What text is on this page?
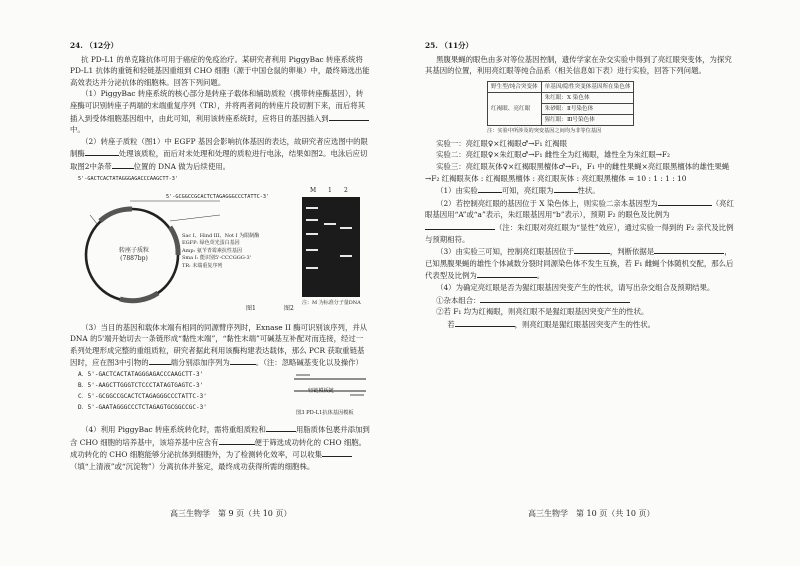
24. （12分）

抗 PD-L1 的单克隆抗体可用于癌症的免疫治疗。某研究者利用 PiggyBac 转座系统将 PD-L1 抗体的重链和轻链基因重组到 CHO 细胞（源于中国仓鼠的卵巢）中，最终筛选出能高效表达并分泌抗体的细胞株。回答下列问题。

（1）PiggyBac 转座系统的核心部分是转座子载体和辅助质粒（携带转座酶基因），转座酶可识别转座子两端的末端重复序列（TR），并将两者间的转座片段切割下来，而后将其插入到受体细胞基因组中，由此可知，利用该转座系统时，应将目的基因插入到中。

（2）转座子质粒（图1）中 EGFP 基因会影响抗体基因的表达，故研究者应选图中的限制酶	处理该质粒，而后对未处理和处理的质粒进行电泳，结果如图2。电泳后应切取图2中条带	位置的 DNA 做为后续使用。

5'-GACTCACTATAGGGAGACCCAAGCTT-3'
5'-GCGGCCGCACTCTAGAGGGCCCTATTC-3'
转座子质粒
(7887bp)
Sac I、Hind III、Not I 为限制酶
EGFP: 绿色荧光蛋白基因
Amp: 氨苄青霉素抗性基因
Sma I: 能识别5'-CCCGGG-3'
TR: 末端重复序列
图1
M 1 2
注：M 为标准分子量DNA
图2

（3）当目的基因和载体末端有相同的同源臂序列时，Exnase II 酶可识别该序列，并从 DNA 的5'端开始切去一条链形成“黏性末端”，“黏性末端”可碱基互补配对而连接，经过一系列处理形成完整的重组质粒，研究者据此利用该酶构建表达载体，那么 PCR 获取重链基因时，应在图3中引物的	端分别添加序列为	。（注：忽略碱基变化以及操作）

A．5'-GACTCACTATAGGGAGACCCAAGCTT-3'
B．5'-AAGCTTGGGTCTCCCTATAGTGAGTC-3'
C．5'-GCGGCCGCACTCTAGAGGGCCCTATTC-3'
D．5'-GAATAGGGCCCTCTAGAGTGCGGCCGC-3'
轻链模板链
图3 PD-L1抗体基因模板

（4）利用 PiggyBac 转座系统转化时，需将重组质粒和	用脂质体包裹并添加到含 CHO 细胞的培养基中，该培养基中应含有	便于筛选成功转化的 CHO 细胞。成功转化的 CHO 细胞能够分泌抗体到细胞外，为了检测转化效率，可以收集（填“上清液”或“沉淀物”）分离抗体并鉴定，最终成功获得所需的细胞株。

高三生物学　第 9 页（共 10 页）
25. （11分）

黑腹果蝇的眼色由多对等位基因控制，遗传学家在杂交实验中得到了亮红眼突变体，为探究其基因的位置，利用亮红眼等纯合品系（相关信息如下表）进行实验，回答下列问题。

野生型/纯合突变体	单基因/隐性突变体基因所在染色体
红褐眼、亮红眼	朱红眼：X 染色体
	朱砂眼：Ⅱ号染色体
	猩红眼：Ⅲ号染色体
注：实验中所涉及的突变基因之间均为非等位基因

实验一：亮红眼♀×红褐眼♂→F₁ 红褐眼

实验二：亮红眼♀×朱红眼♂→F₁ 雌性全为红褐眼，雄性全为朱红眼→F₂

实验三：亮红眼灰体♀×红褐眼黑檀体♂→F₁，F₁ 中的雌性果蝇×亮红眼黑檀体的雄性果蝇→F₂ 红褐眼灰体 : 红褐眼黑檀体 : 亮红眼灰体 : 亮红眼黑檀体 = 10 : 1 : 1 : 10

（1）由实验	可知，亮红眼为	性状。

（2）若控制亮红眼的基因位于 X 染色体上，则实验二亲本基因型为	（亮红眼基因用“A”或“a”表示，朱红眼基因用“b”表示），预期 F₂ 的眼色及比例为（注：朱红眼对亮红眼为“显性”效应），通过实验一得到的 F₂ 亲代及比例与预期相符。

（3）由实验三可知，控制亮红眼基因位于	，判断依据是	，已知黑腹果蝇的雄性个体减数分裂时同源染色体不发生互换，若 F₁ 雌蝇个体随机交配，那么后代表型及比例为	。

（4）为确定亮红眼是否为猩红眼基因突变产生的性状，请写出杂交组合及预期结果。

①杂本组合：

②若 F₁ 均为红褐眼，则亮红眼不是猩红眼基因突变产生的性状。

若	，则亮红眼是猩红眼基因突变产生的性状。

高三生物学　第 10 页（共 10 页）
